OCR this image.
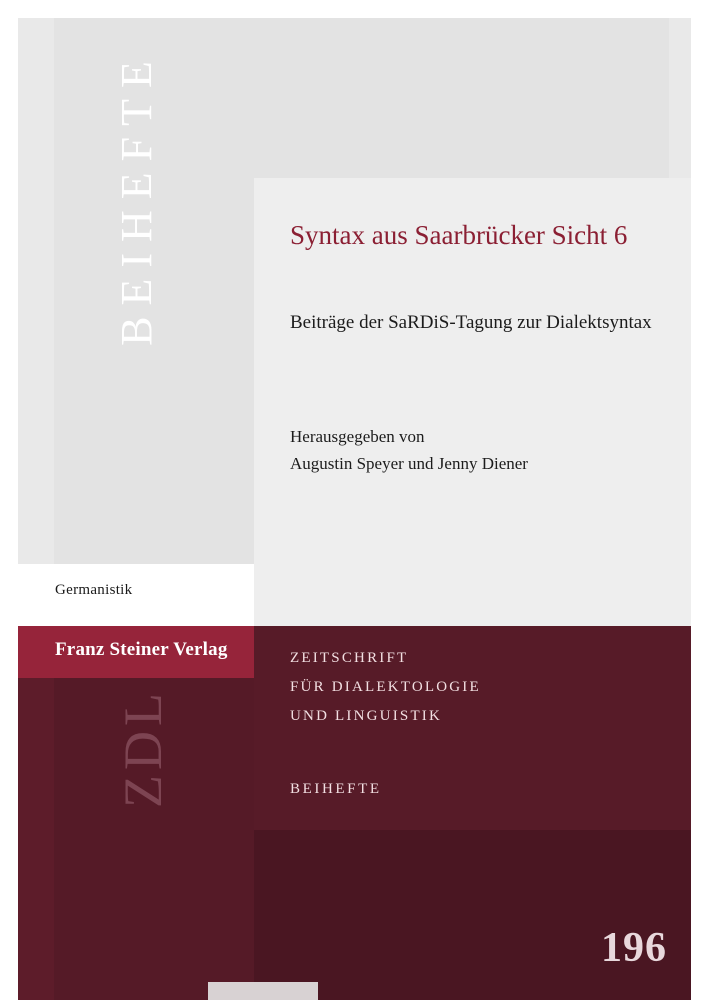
BEIHEFTE
Germanistik
Franz Steiner Verlag
ZDL
Syntax aus Saarbrücker Sicht 6
Beiträge der SaRDiS-Tagung zur Dialektsyntax
Herausgegeben von
Augustin Speyer und Jenny Diener
ZEITSCHRIFT
FÜR DIALEKTOLOGIE
UND LINGUISTIK
BEIHEFTE
196
